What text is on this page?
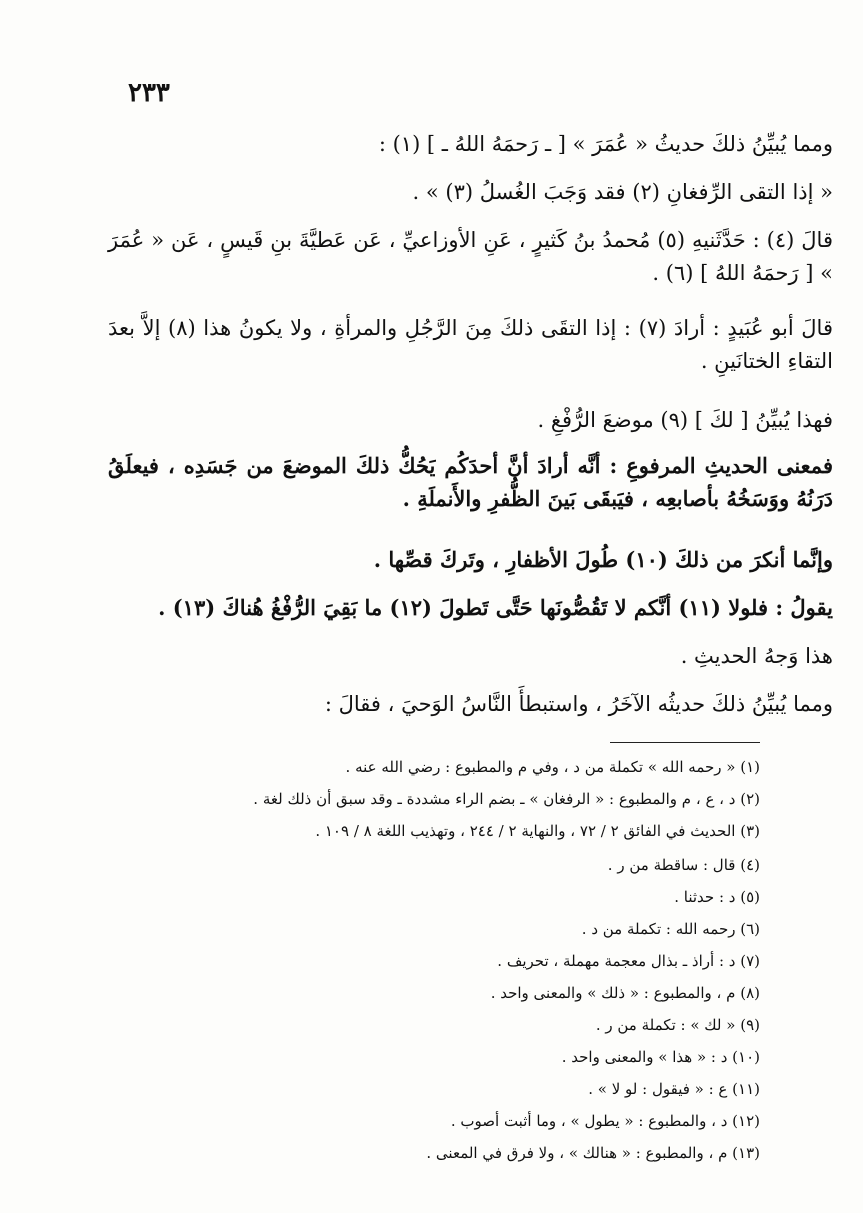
٢٣٣
ومما يُبيِّنُ ذلكَ حديثُ « عُمَرَ » [ ـ رَحمَهُ اللهُ ـ ] (١) :
« إذا التقى الرِّفغانِ (٢) فقد وَجَبَ الغُسلُ (٣) » .
قالَ (٤) : حَدَّثَنيهِ (٥) مُحمدُ بنُ كَثيرٍ ، عَنِ الأوزاعيِّ ، عَن عَطيَّةَ بنِ قَيسٍ ، عَن « عُمَرَ » [ رَحمَهُ اللهُ ] (٦) .
قالَ أبو عُبَيدٍ : أرادَ (٧) : إذا التقَى ذلكَ مِنَ الرَّجُلِ والمرأةِ ، ولا يكونُ هذا (٨) إلاَّ بعدَ التقاءِ الختانَينِ .
فهذا يُبيِّنُ [ لكَ ] (٩) موضعَ الرُّفْغِ .
فمعنى الحديثِ المرفوعِ : أنَّه أرادَ أنَّ أحدَكُم يَحُكُّ ذلكَ الموضعَ من جَسَدِه ، فيعلَقُ دَرَنُهُ ووَسَخُهُ بأصابعِه ، فيَبقَى بَينَ الظُّفرِ والأَنملَةِ .
وإنَّما أنكرَ من ذلكَ (١٠) طُولَ الأظفارِ ، وتَركَ قصِّها .
يقولُ : فلولا (١١) أنَّكم لا تَقُصُّونَها حَتَّى تَطولَ (١٢) ما بَقِيَ الرُّفْغُ هُناكَ (١٣) .
هذا وَجهُ الحديثِ .
ومما يُبيِّنُ ذلكَ حديثُه الآخَرُ ، واستبطأَ النَّاسُ الوَحيَ ، فقالَ :
(١) « رحمه الله » تكملة من د ، وفي م والمطبوع : رضي الله عنه .
(٢) د ، ع ، م والمطبوع : « الرفغان » ـ بضم الراء مشددة ـ وقد سبق أن ذلك لغة .
(٣) الحديث في الفائق ٢ / ٧٢ ، والنهاية ٢ / ٢٤٤ ، وتهذيب اللغة ٨ / ١٠٩ .
(٤) قال : ساقطة من ر .
(٥) د : حدثنا .
(٦) رحمه الله : تكملة من د .
(٧) د : أراذ ـ بذال معجمة مهملة ، تحريف .
(٨) م ، والمطبوع : « ذلك » والمعنى واحد .
(٩) « لك » : تكملة من ر .
(١٠) د : « هذا » والمعنى واحد .
(١١) ع : « فيقول : لو لا » .
(١٢) د ، والمطبوع : « يطول » ، وما أثبت أصوب .
(١٣) م ، والمطبوع : « هنالك » ، ولا فرق في المعنى .
